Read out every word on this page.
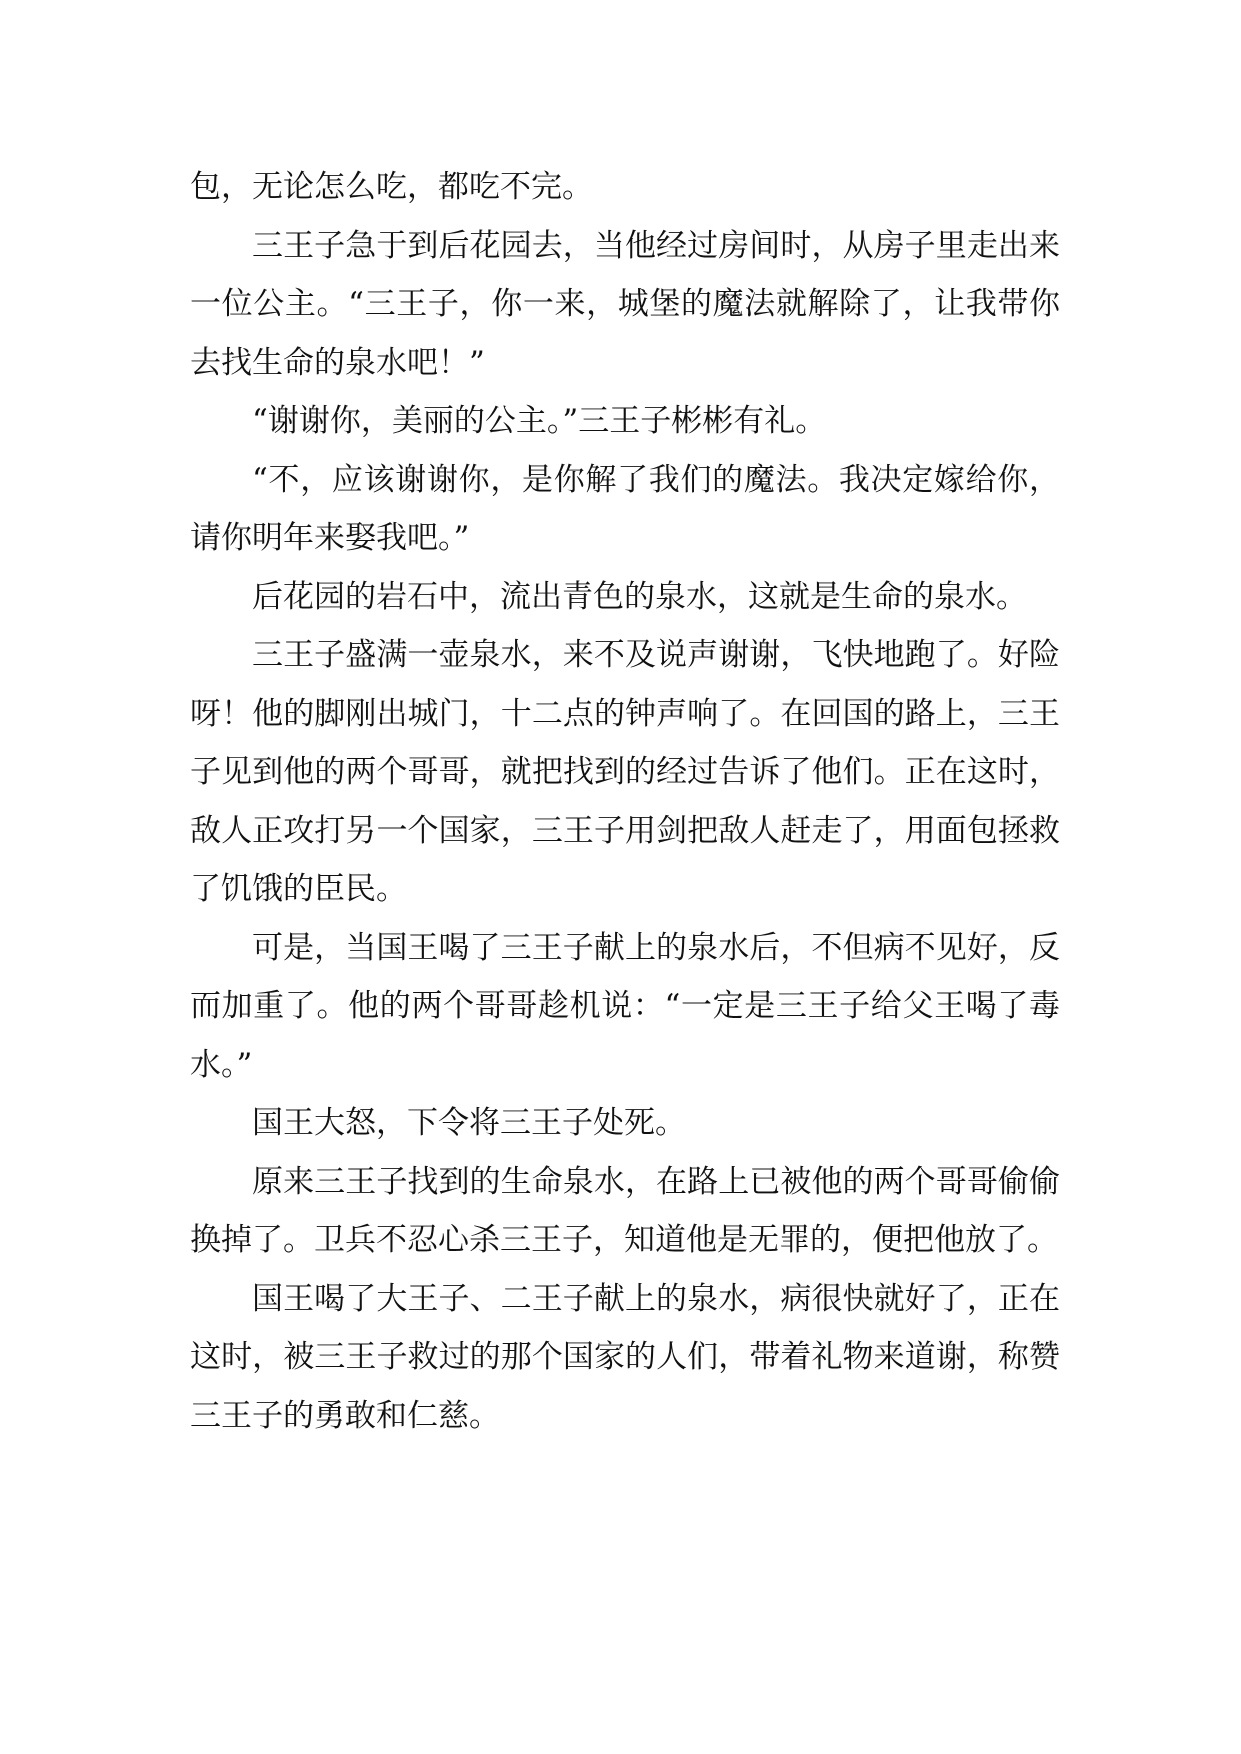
包，无论怎么吃，都吃不完。

三王子急于到后花园去，当他经过房间时，从房子里走出来一位公主。“三王子，你一来，城堡的魔法就解除了，让我带你去找生命的泉水吧！”

“谢谢你，美丽的公主。”三王子彬彬有礼。

“不，应该谢谢你，是你解了我们的魔法。我决定嫁给你，请你明年来娶我吧。”

后花园的岩石中，流出青色的泉水，这就是生命的泉水。

三王子盛满一壶泉水，来不及说声谢谢，飞快地跑了。好险呀！他的脚刚出城门，十二点的钟声响了。在回国的路上，三王子见到他的两个哥哥，就把找到的经过告诉了他们。正在这时，敌人正攻打另一个国家，三王子用剑把敌人赶走了，用面包拯救了饥饿的臣民。

可是，当国王喝了三王子献上的泉水后，不但病不见好，反而加重了。他的两个哥哥趁机说：“一定是三王子给父王喝了毒水。”

国王大怒，下令将三王子处死。

原来三王子找到的生命泉水，在路上已被他的两个哥哥偷偷换掉了。卫兵不忍心杀三王子，知道他是无罪的，便把他放了。

国王喝了大王子、二王子献上的泉水，病很快就好了，正在这时，被三王子救过的那个国家的人们，带着礼物来道谢，称赞三王子的勇敢和仁慈。
